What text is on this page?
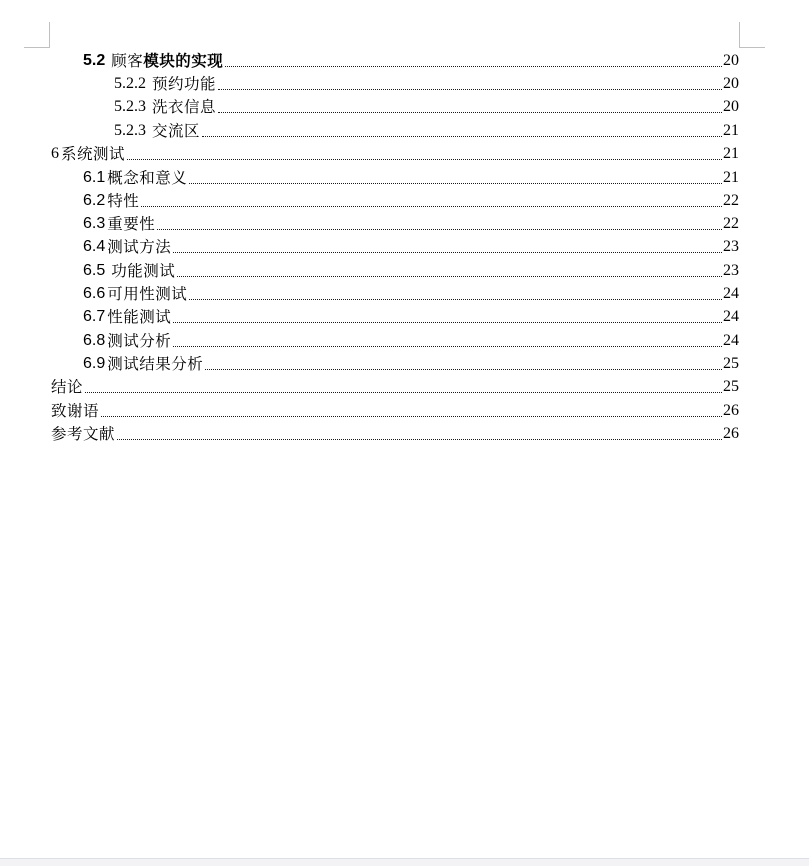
5.2 顾客 模块的实现	20
5.2.2 预约功能	20
5.2.3 洗衣信息	20
5.2.3 交流区	21
6 系统测试	21
6.1 概念和意义	21
6.2 特性	22
6.3 重要性	22
6.4 测试方法	23
6.5 功能测试	23
6.6 可用性测试	24
6.7 性能测试	24
6.8 测试分析	24
6.9 测试结果分析	25
结论	25
致谢语	26
参考文献	26
